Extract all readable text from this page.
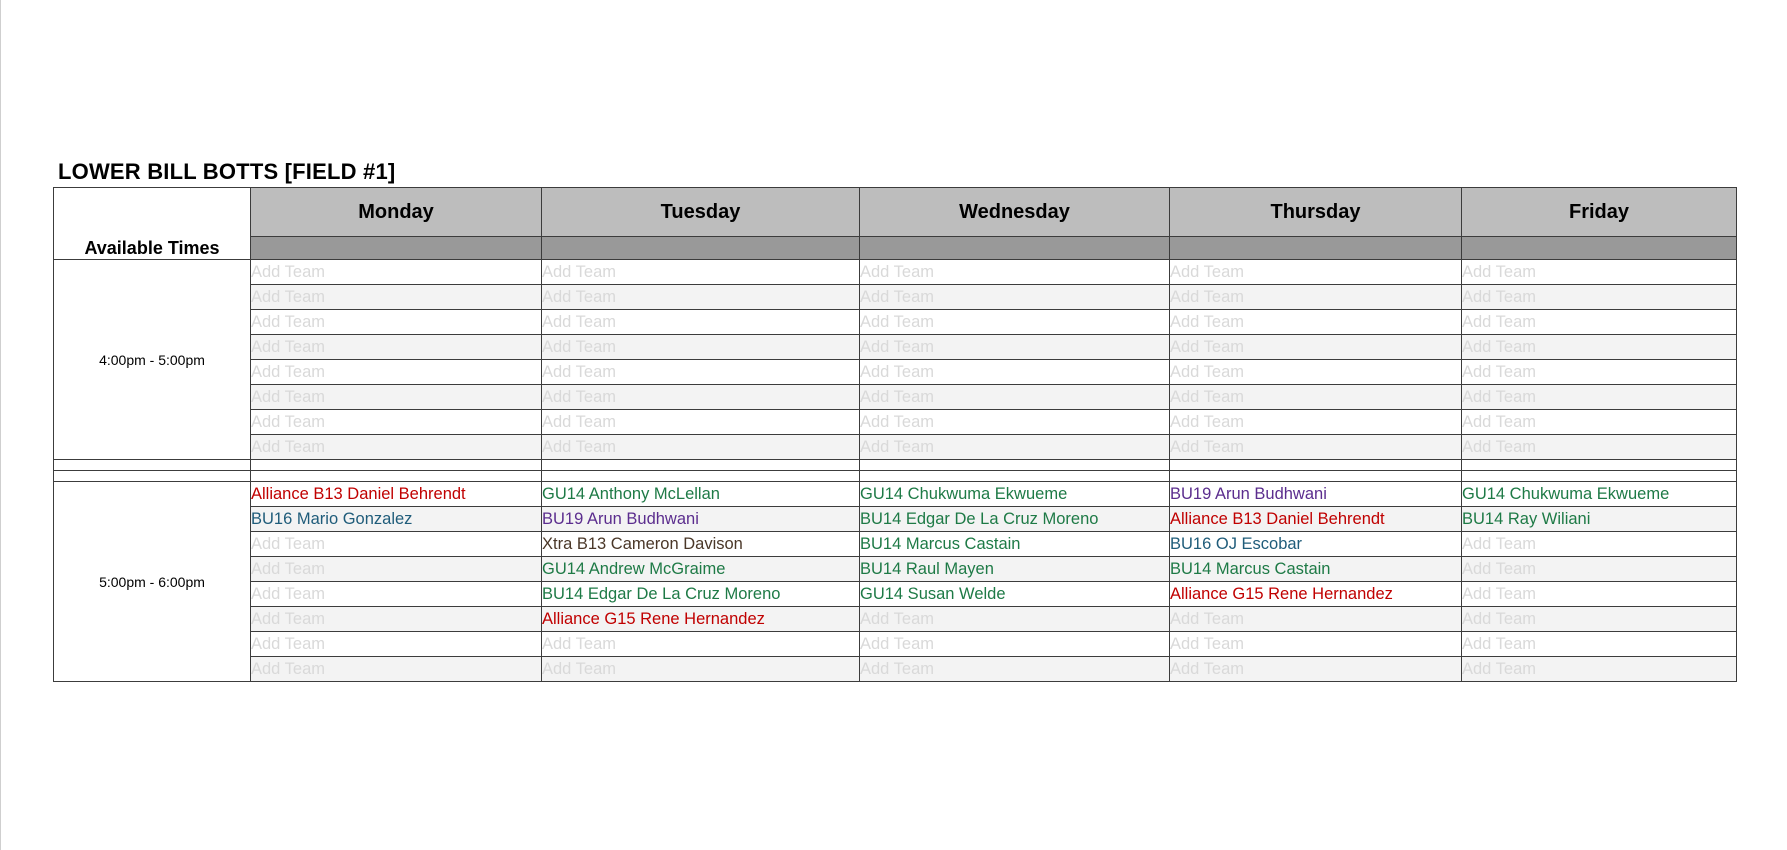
LOWER BILL BOTTS [FIELD #1]
Available Times	Monday	Tuesday	Wednesday	Thursday	Friday

4:00pm - 5:00pm	Add Team	Add Team	Add Team	Add Team	Add Team
	Add Team	Add Team	Add Team	Add Team	Add Team
	Add Team	Add Team	Add Team	Add Team	Add Team
	Add Team	Add Team	Add Team	Add Team	Add Team
	Add Team	Add Team	Add Team	Add Team	Add Team
	Add Team	Add Team	Add Team	Add Team	Add Team
	Add Team	Add Team	Add Team	Add Team	Add Team
	Add Team	Add Team	Add Team	Add Team	Add Team

5:00pm - 6:00pm	Alliance B13 Daniel Behrendt	GU14 Anthony McLellan	GU14 Chukwuma Ekwueme	BU19 Arun Budhwani	GU14 Chukwuma Ekwueme
	BU16 Mario Gonzalez	BU19 Arun Budhwani	BU14 Edgar De La Cruz Moreno	Alliance B13 Daniel Behrendt	BU14 Ray Wiliani
	Add Team	Xtra B13 Cameron Davison	BU14 Marcus Castain	BU16 OJ Escobar	Add Team
	Add Team	GU14 Andrew McGraime	BU14 Raul Mayen	BU14 Marcus Castain	Add Team
	Add Team	BU14 Edgar De La Cruz Moreno	GU14 Susan Welde	Alliance G15 Rene Hernandez	Add Team
	Add Team	Alliance G15 Rene Hernandez	Add Team	Add Team	Add Team
	Add Team	Add Team	Add Team	Add Team	Add Team
	Add Team	Add Team	Add Team	Add Team	Add Team
